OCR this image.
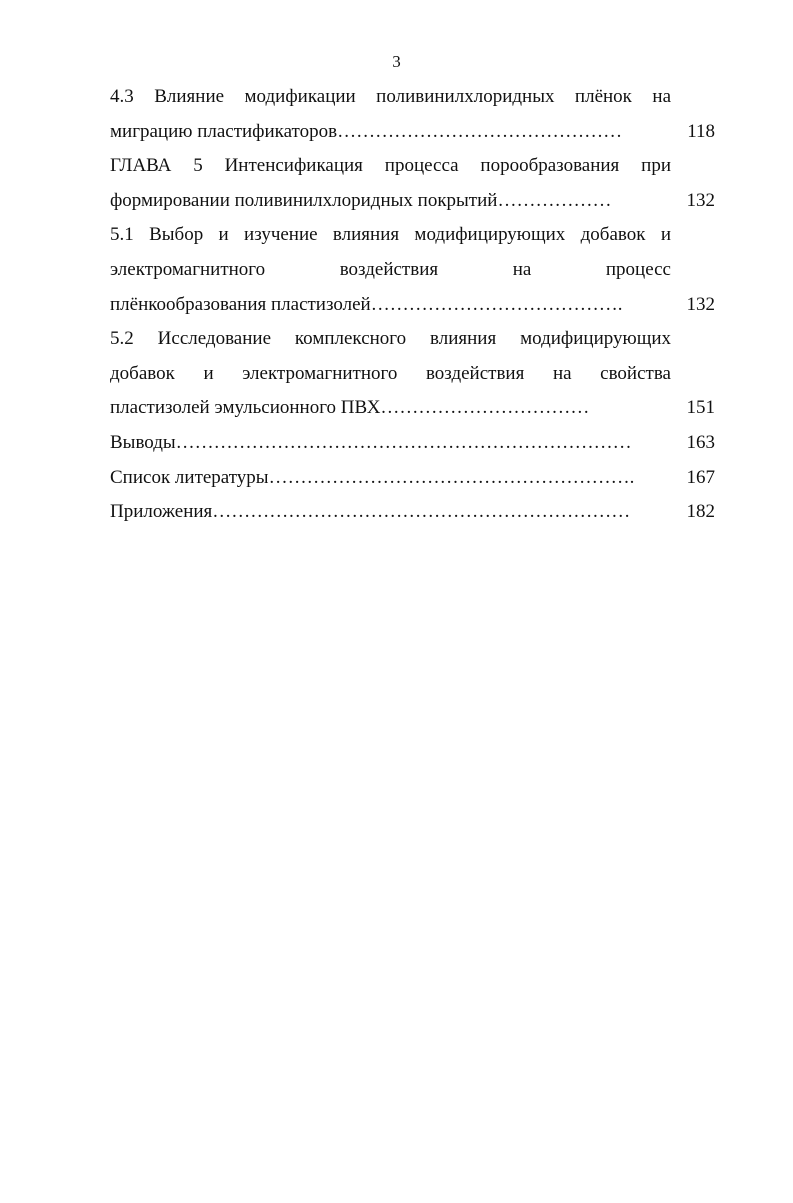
3
4.3 Влияние модификации поливинилхлоридных плёнок на
миграцию пластификаторов………………………………………	118
ГЛАВА 5 Интенсификация процесса порообразования при
формировании поливинилхлоридных покрытий………………	132
5.1 Выбор и изучение влияния модифицирующих добавок и
электромагнитного воздействия на процесс
плёнкообразования пластизолей………………………………….	132
5.2 Исследование комплексного влияния модифицирующих
добавок и электромагнитного воздействия на свойства
пластизолей эмульсионного ПВХ……………………………	151
Выводы………………………………………………………………	163
Список литературы………………………………………………….	167
Приложения…………………………………………………………	182
